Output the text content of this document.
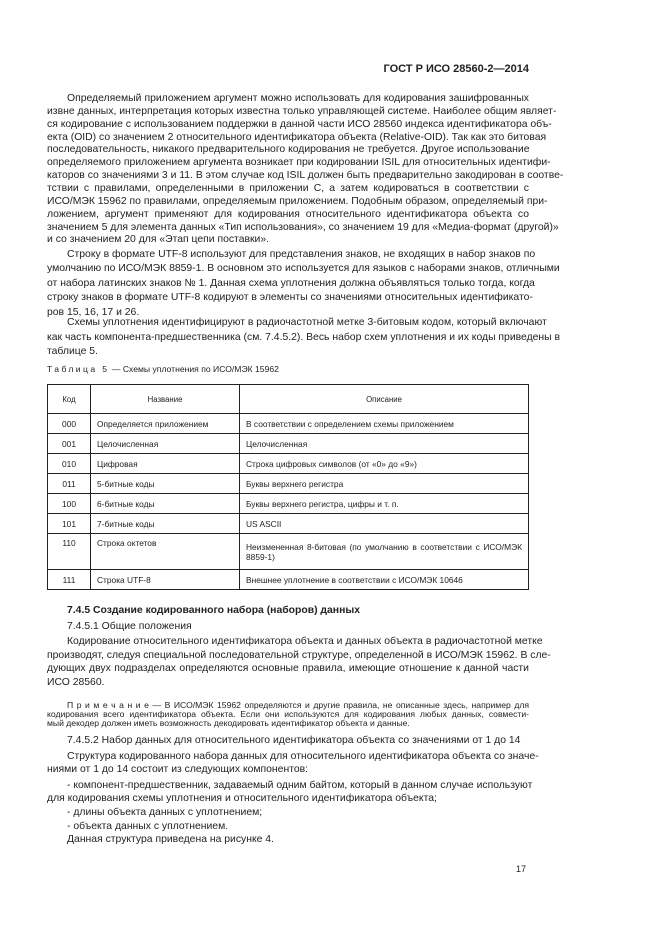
ГОСТ Р ИСО 28560-2—2014
Определяемый приложением аргумент можно использовать для кодирования зашифрованных
извне данных, интерпретация которых известна только управляющей системе. Наиболее общим являет-
ся кодирование с использованием поддержки в данной части ИСО 28560 индекса идентификатора объ-
екта (OID) со значением 2 относительного идентификатора объекта (Relative-OID). Так как это битовая
последовательность, никакого предварительного кодирования не требуется. Другое использование
определяемого приложением аргумента возникает при кодировании ISIL для относительных идентифи-
каторов со значениями 3 и 11. В этом случае код ISIL должен быть предварительно закодирован в соотве-
тствии с правилами, определенными в приложении С, а затем кодироваться в соответствии с
ИСО/МЭК 15962 по правилами, определяемым приложением. Подобным образом, определяемый при-
ложением, аргумент применяют для кодирования относительного идентификатора объекта со
значением 5 для элемента данных «Тип использования», со значением 19 для «Медиа-формат (другой)»
и со значением 20 для «Этап цепи поставки».
Строку в формате UTF-8 используют для представления знаков, не входящих в набор знаков по
умолчанию по ИСО/МЭК 8859-1. В основном это используется для языков с наборами знаков, отличными
от набора латинских знаков № 1. Данная схема уплотнения должна объявляться только тогда, когда
строку знаков в формате UTF-8 кодируют в элементы со значениями относительных идентификато-
ров 15, 16, 17 и 26.
Схемы уплотнения идентифицируют в радиочастотной метке 3-битовым кодом, который включают
как часть компонента-предшественника (см. 7.4.5.2). Весь набор схем уплотнения и их коды приведены в
таблице 5.
7.4.5 Создание кодированного набора (наборов) данных
7.4.5.1 Общие положения
Кодирование относительного идентификатора объекта и данных объекта в радиочастотной метке
производят, следуя специальной последовательной структуре, определенной в ИСО/МЭК 15962. В сле-
дующих двух подразделах определяются основные правила, имеющие отношение к данной части
ИСО 28560.
П р и м е ч а н и е — В ИСО/МЭК 15962 определяются и другие правила, не описанные здесь, например для
кодирования всего идентификатора объекта. Если они используются для кодирования любых данных, совмести-
мый декодер должен иметь возможность декодировать идентификатор объекта и данные.
7.4.5.2 Набор данных для относительного идентификатора объекта со значениями от 1 до 14
Структура кодированного набора данных для относительного идентификатора объекта со значе-
ниями от 1 до 14 состоит из следующих компонентов:
- компонент-предшественник, задаваемый одним байтом, который в данном случае используют
для кодирования схемы уплотнения и относительного идентификатора объекта;
- длины объекта данных с уплотнением;
- объекта данных с уплотнением.
Данная структура приведена на рисунке 4.
Таблица 5 — Схемы уплотнения по ИСО/МЭК 15962
Код	Название	Описание
000	Определяется приложением	В соответствии с определением схемы приложением
001	Целочисленная	Целочисленная
010	Цифровая	Строка цифровых символов (от «0» до «9»)
011	5-битные коды	Буквы верхнего регистра
100	6-битные коды	Буквы верхнего регистра, цифры и т. п.
101	7-битные коды	US ASCII
110	Строка октетов	Неизмененная 8-битовая (по умолчанию в соответствии с ИСО/МЭК 8859-1)
111	Строка UTF-8	Внешнее уплотнение в соответствии с ИСО/МЭК 10646
17
